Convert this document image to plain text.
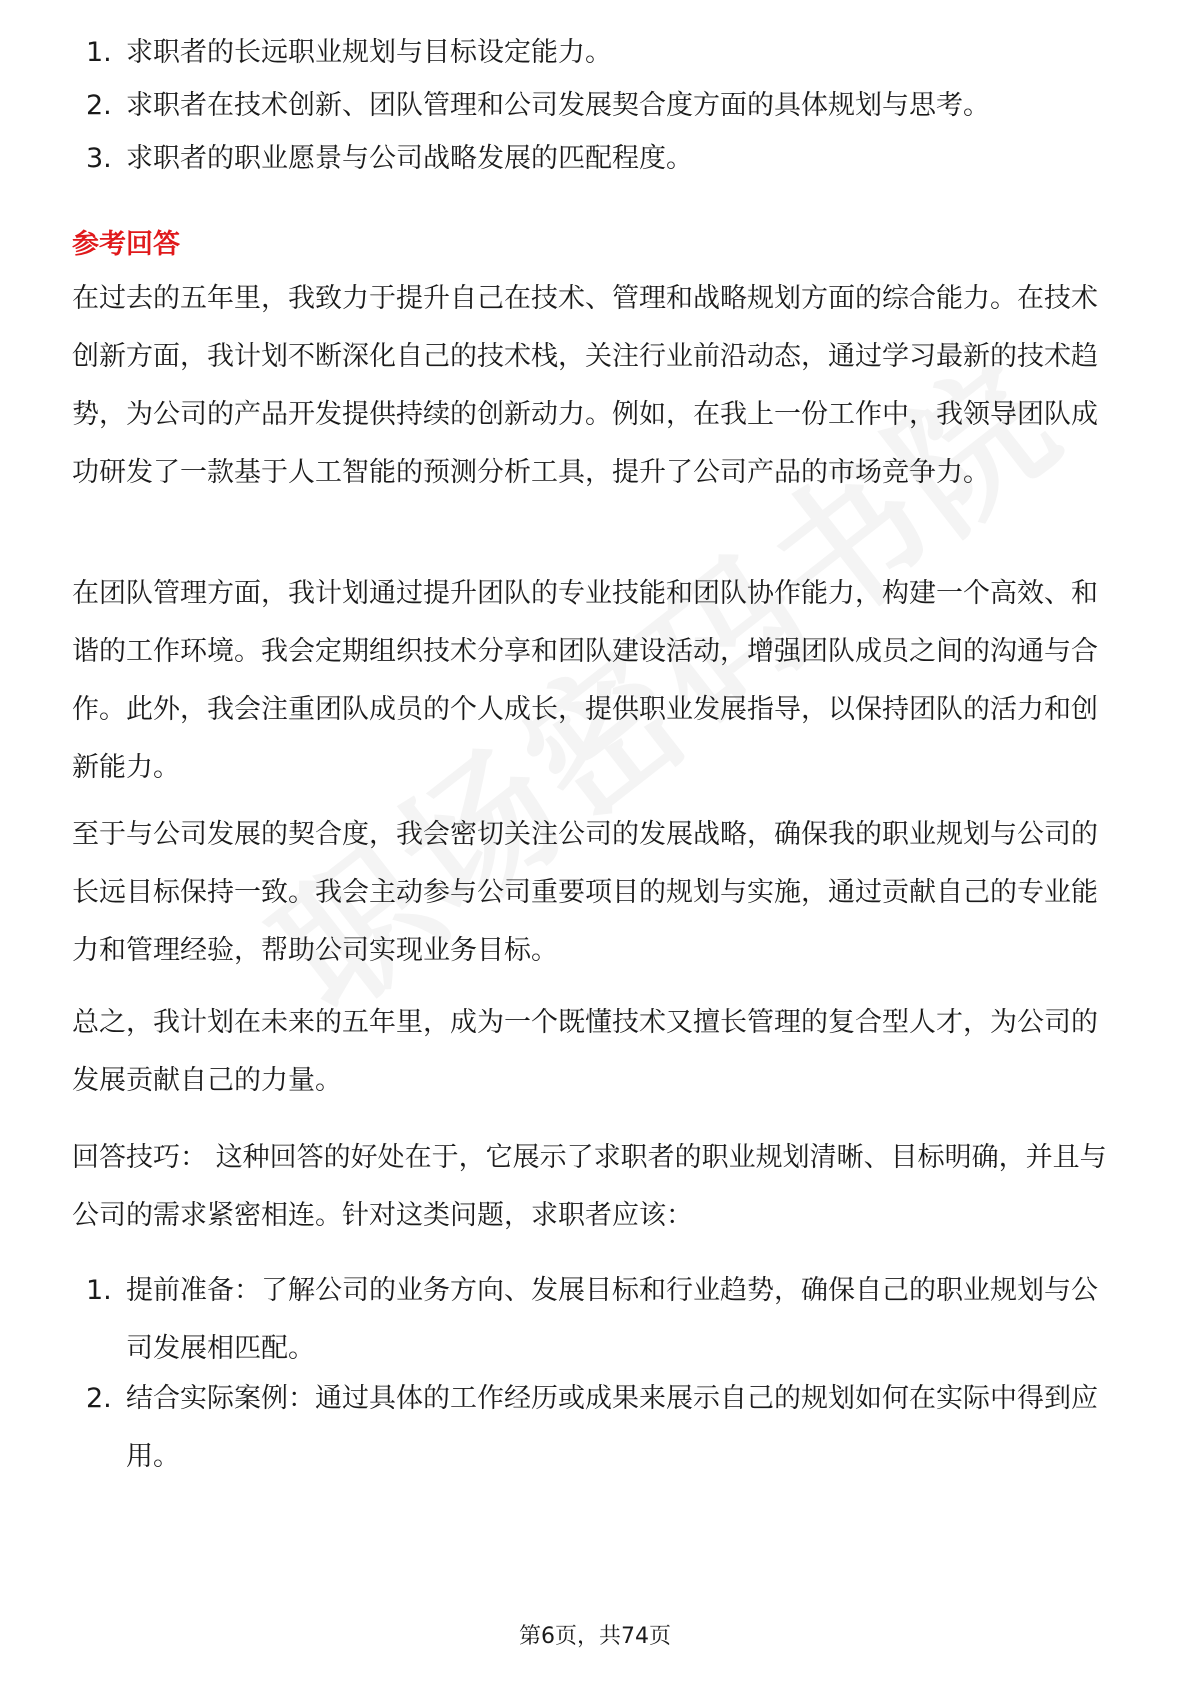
1. 求职者的长远职业规划与目标设定能力。
2. 求职者在技术创新、团队管理和公司发展契合度方面的具体规划与思考。
3. 求职者的职业愿景与公司战略发展的匹配程度。
参考回答

在过去的五年里，我致力于提升自己在技术、管理和战略规划方面的综合能力。在技术创新方面，我计划不断深化自己的技术栈，关注行业前沿动态，通过学习最新的技术趋势，为公司的产品开发提供持续的创新动力。例如，在我上一份工作中，我领导团队成功研发了一款基于人工智能的预测分析工具，提升了公司产品的市场竞争力。

在团队管理方面，我计划通过提升团队的专业技能和团队协作能力，构建一个高效、和谐的工作环境。我会定期组织技术分享和团队建设活动，增强团队成员之间的沟通与合作。此外，我会注重团队成员的个人成长，提供职业发展指导，以保持团队的活力和创新能力。

至于与公司发展的契合度，我会密切关注公司的发展战略，确保我的职业规划与公司的长远目标保持一致。我会主动参与公司重要项目的规划与实施，通过贡献自己的专业能力和管理经验，帮助公司实现业务目标。

总之，我计划在未来的五年里，成为一个既懂技术又擅长管理的复合型人才，为公司的发展贡献自己的力量。

回答技巧： 这种回答的好处在于，它展示了求职者的职业规划清晰、目标明确，并且与公司的需求紧密相连。针对这类问题，求职者应该：

1. 提前准备：了解公司的业务方向、发展目标和行业趋势，确保自己的职业规划与公司发展相匹配。
2. 结合实际案例：通过具体的工作经历或成果来展示自己的规划如何在实际中得到应用。
第6页，共74页
